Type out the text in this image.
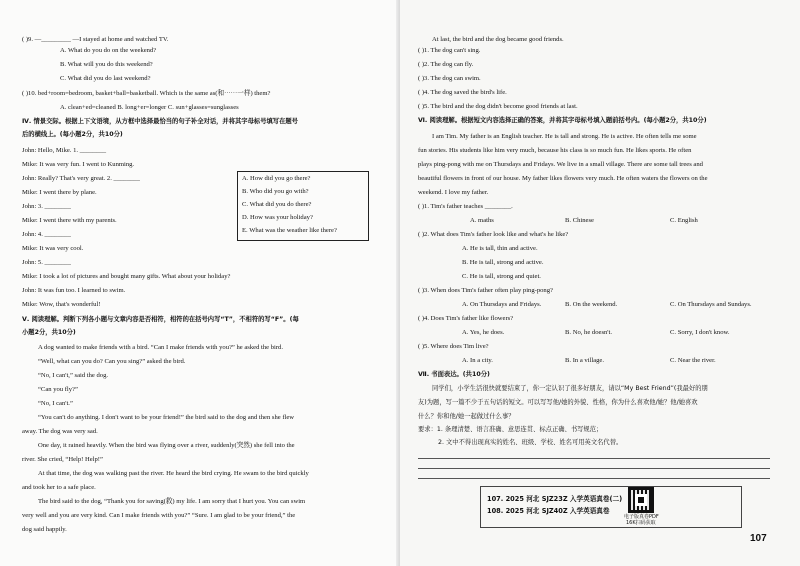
( )9. —_________ —I stayed at home and watched TV.
A. What do you do on the weekend?
B. What will you do this weekend?
C. What did you do last weekend?
( )10. bed+room=bedroom, basket+ball=basketball. Which is the same as(和⋯⋯一样) them?
A. clean+ed=cleaned B. long+er=longer C. sun+glasses=sunglasses
Ⅳ. 情景交际。根据上下文语境，从方框中选择最恰当的句子补全对话，并将其字母标号填写在题号
后的横线上。(每小题2分，共10分)
John: Hello, Mike. 1. ________
Mike: It was very fun. I went to Kunming.
John: Really? That's very great. 2. ________
Mike: I went there by plane.
John: 3. ________
Mike: I went there with my parents.
John: 4. ________
Mike: It was very cool.
John: 5. ________
Mike: I took a lot of pictures and bought many gifts. What about your holiday?
John: It was fun too. I learned to swim.
Mike: Wow, that's wonderful!
A. How did you go there?
B. Who did you go with?
C. What did you do there?
D. How was your holiday?
E. What was the weather like there?
Ⅴ. 阅读理解。判断下列各小题与文章内容是否相符，相符的在括号内写“T”，不相符的写“F”。(每
小题2分，共10分)
A dog wanted to make friends with a bird. “Can I make friends with you?” he asked the bird.
“Well, what can you do? Can you sing?” asked the bird.
“No, I can't,” said the dog.
“Can you fly?”
“No, I can't.”
“You can't do anything. I don't want to be your friend!” the bird said to the dog and then she flew
away. The dog was very sad.
One day, it rained heavily. When the bird was flying over a river, suddenly(突然) she fell into the
river. She cried, “Help! Help!”
At that time, the dog was walking past the river. He heard the bird crying. He swam to the bird quickly
and took her to a safe place.
The bird said to the dog, “Thank you for saving(救) my life. I am sorry that I hurt you. You can swim
very well and you are very kind. Can I make friends with you?” “Sure. I am glad to be your friend,” the
dog said happily.
At last, the bird and the dog became good friends.
( )1. The dog can't sing.
( )2. The dog can fly.
( )3. The dog can swim.
( )4. The dog saved the bird's life.
( )5. The bird and the dog didn't become good friends at last.
Ⅵ. 阅读理解。根据短文内容选择正确的答案，并将其字母标号填入题前括号内。(每小题2分，共10分)
I am Tim. My father is an English teacher. He is tall and strong. He is active. He often tells me some
fun stories. His students like him very much, because his class is so much fun. He likes sports. He often
plays ping-pong with me on Thursdays and Fridays. We live in a small village. There are some tall trees and
beautiful flowers in front of our house. My father likes flowers very much. He often waters the flowers on the
weekend. I love my father.
( )1. Tim's father teaches ________.
A. maths	B. Chinese	C. English
( )2. What does Tim's father look like and what's he like?
A. He is tall, thin and active.
B. He is tall, strong and active.
C. He is tall, strong and quiet.
( )3. When does Tim's father often play ping-pong?
A. On Thursdays and Fridays.	B. On the weekend.	C. On Thursdays and Sundays.
( )4. Does Tim's father like flowers?
A. Yes, he does.	B. No, he doesn't.	C. Sorry, I don't know.
( )5. Where does Tim live?
A. In a city.	B. In a village.	C. Near the river.
Ⅶ. 书面表达。(共10分)
同学们，小学生活很快就要结束了，你一定认识了很多好朋友，请以“My Best Friend”(我最好的朋
友)为题，写一篇不少于五句话的短文。可以写写他/她的外貌、性格，你为什么喜欢他/她？他/她喜欢
什么？你和他/她一起做过什么事？
要求：1. 条理清楚、语言准确、意思连贯、标点正确、书写规范；
2. 文中不得出现真实的姓名、班级、学校、姓名可用英文名代替。
107. 2025 河北 SJZ23Z 入学英语真卷(二)
108. 2025 河北 SJZ40Z 入学英语真卷
电子版真卷PDF
16K扫码获取
107
